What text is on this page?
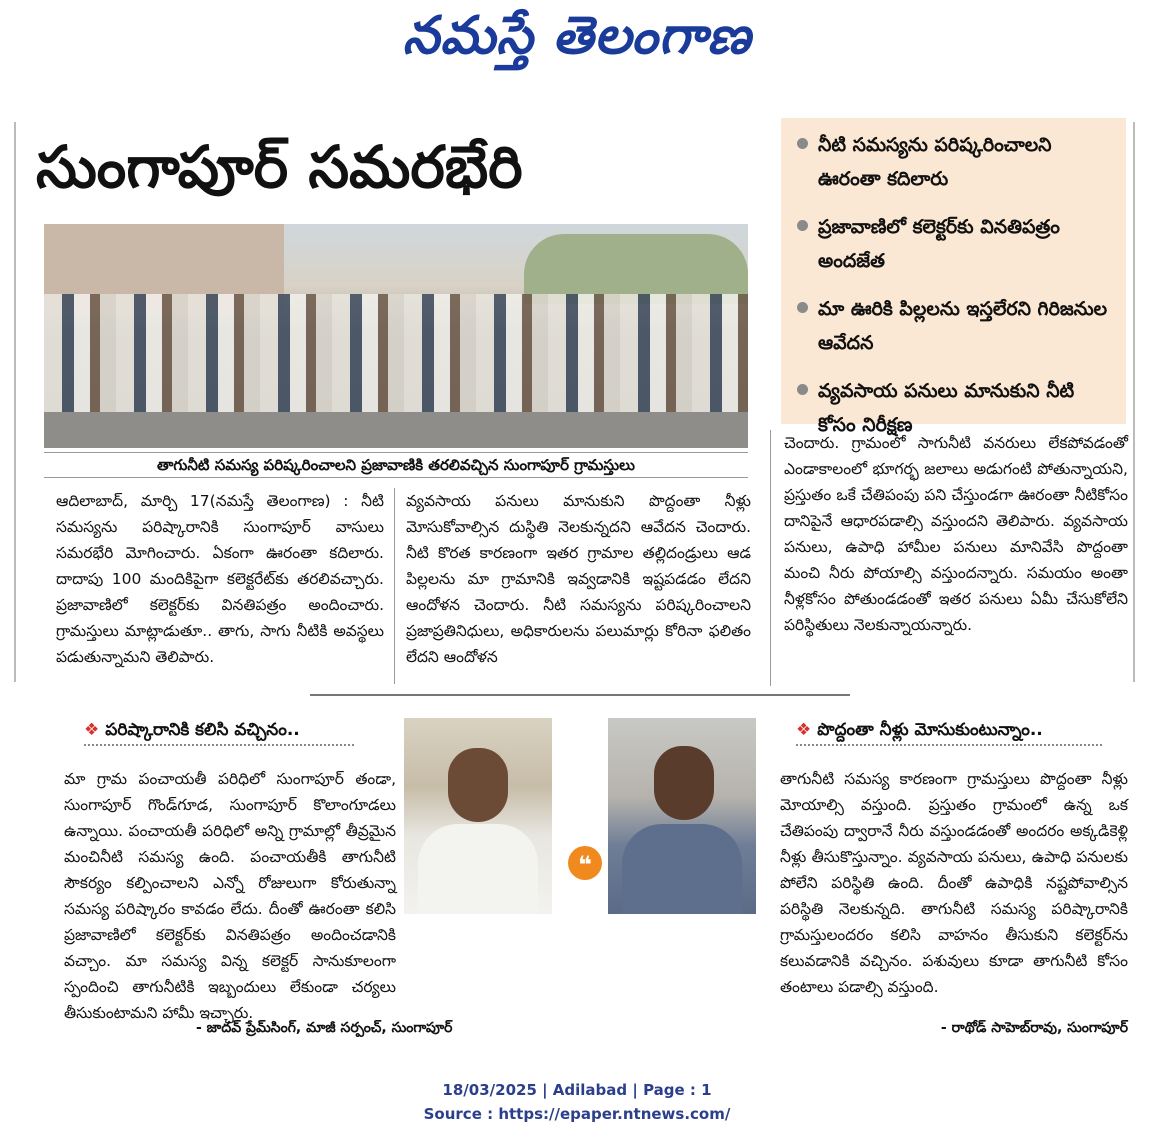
నమస్తే తెలంగాణ
సుంగాపూర్ సమరభేరి	నీటి సమస్యను పరిష్కరించాలని ఊరంతా కదిలారు
ప్రజావాణిలో కలెక్టర్‌కు వినతిపత్రం అందజేత
మా ఊరికి పిల్లలను ఇస్తలేరని గిరిజనుల ఆవేదన
వ్యవసాయ పనులు మానుకుని నీటి కోసం నిరీక్షణ
తాగునీటి సమస్య పరిష్కరించాలని ప్రజావాణికి తరలివచ్చిన సుంగాపూర్ గ్రామస్తులు
ఆదిలాబాద్, మార్చి 17(నమస్తే తెలంగాణ) : నీటి సమస్యను పరిష్కారానికి సుంగాపూర్ వాసులు సమరభేరి మోగించారు. ఏకంగా ఊరంతా కదిలారు. దాదాపు 100 మందికిపైగా కలెక్టరేట్‌కు తరలివచ్చారు. ప్రజావాణిలో కలెక్టర్‌కు వినతిపత్రం అందించారు. గ్రామస్తులు మాట్లాడుతూ.. తాగు, సాగు నీటికి అవస్థలు పడుతున్నామని తెలిపారు.
వ్యవసాయ పనులు మానుకుని పొద్దంతా నీళ్లు మోసుకోవాల్సిన దుస్థితి నెలకున్నదని ఆవేదన చెందారు. నీటి కొరత కారణంగా ఇతర గ్రామాల తల్లిదండ్రులు ఆడ పిల్లలను మా గ్రామానికి ఇవ్వడానికి ఇష్టపడడం లేదని ఆందోళన చెందారు. నీటి సమస్యను పరిష్కరించాలని ప్రజాప్రతినిధులు, అధికారులను పలుమార్లు కోరినా ఫలితం లేదని ఆందోళన
చెందారు. గ్రామంలో సాగునీటి వనరులు లేకపోవడంతో ఎండాకాలంలో భూగర్భ జలాలు అడుగంటి పోతున్నాయని, ప్రస్తుతం ఒకే చేతిపంపు పని చేస్తుండగా ఊరంతా నీటికోసం దానిపైనే ఆధారపడాల్సి వస్తుందని తెలిపారు. వ్యవసాయ పనులు, ఉపాధి హామీల పనులు మానివేసి పొద్దంతా మంచి నీరు పోయాల్సి వస్తుందన్నారు. సమయం అంతా నీళ్లకోసం పోతుండడంతో ఇతర పనులు ఏమీ చేసుకోలేని పరిస్థితులు నెలకున్నాయన్నారు.
❖ పరిష్కారానికి కలిసి వచ్చినం..
మా గ్రామ పంచాయతీ పరిధిలో సుంగాపూర్ తండా, సుంగాపూర్ గొండ్‌గూడ, సుంగాపూర్ కొలాంగూడలు ఉన్నాయి. పంచాయతీ పరిధిలో అన్ని గ్రామాల్లో తీవ్రమైన మంచినీటి సమస్య ఉంది. పంచాయతీకి తాగునీటి సౌకర్యం కల్పించాలని ఎన్నో రోజులుగా కోరుతున్నా సమస్య పరిష్కారం కావడం లేదు. దీంతో ఊరంతా కలిసి ప్రజావాణిలో కలెక్టర్‌కు వినతిపత్రం అందించడానికి వచ్చాం. మా సమస్య విన్న కలెక్టర్ సానుకూలంగా స్పందించి తాగునీటికి ఇబ్బందులు లేకుండా చర్యలు తీసుకుంటామని హామీ ఇచ్చారు.
- జాదవ్ ప్రేమ్‌సింగ్, మాజీ సర్పంచ్, సుంగాపూర్
❝
❖ పొద్దంతా నీళ్లు మోసుకుంటున్నాం..
తాగునీటి సమస్య కారణంగా గ్రామస్తులు పొద్దంతా నీళ్లు మోయాల్సి వస్తుంది. ప్రస్తుతం గ్రామంలో ఉన్న ఒక చేతిపంపు ద్వారానే నీరు వస్తుండడంతో అందరం అక్కడికెళ్లి నీళ్లు తీసుకొస్తున్నాం. వ్యవసాయ పనులు, ఉపాధి పనులకు పోలేని పరిస్థితి ఉంది. దీంతో ఉపాధికి నష్టపోవాల్సిన పరిస్థితి నెలకున్నది. తాగునీటి సమస్య పరిష్కారానికి గ్రామస్తులందరం కలిసి వాహనం తీసుకుని కలెక్టర్‌ను కలువడానికి వచ్చినం. పశువులు కూడా తాగునీటి కోసం తంటాలు పడాల్సి వస్తుంది.
- రాథోడ్ సాహెబ్‌రావు, సుంగాపూర్
18/03/2025 | Adilabad | Page : 1
Source : https://epaper.ntnews.com/
